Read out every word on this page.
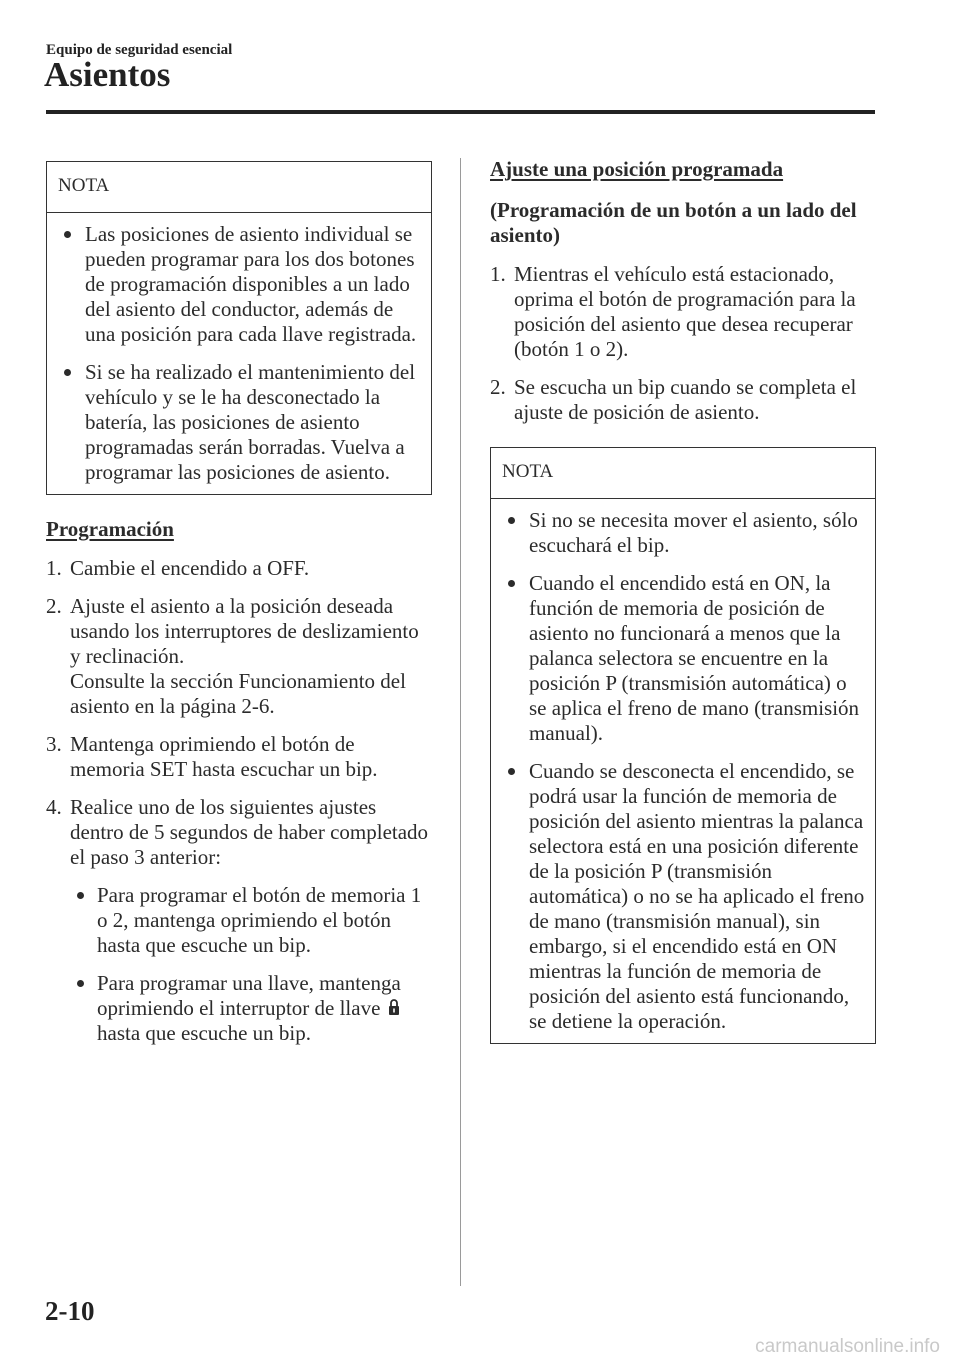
Equipo de seguridad esencial
Asientos
NOTA
Las posiciones de asiento individual se pueden programar para los dos botones de programación disponibles a un lado del asiento del conductor, además de una posición para cada llave registrada.
Si se ha realizado el mantenimiento del vehículo y se le ha desconectado la batería, las posiciones de asiento programadas serán borradas. Vuelva a programar las posiciones de asiento.
Programación
1. Cambie el encendido a OFF.
2. Ajuste el asiento a la posición deseada usando los interruptores de deslizamiento y reclinación.
Consulte la sección Funcionamiento del asiento en la página 2-6.
3. Mantenga oprimiendo el botón de memoria SET hasta escuchar un bip.
4. Realice uno de los siguientes ajustes dentro de 5 segundos de haber completado el paso 3 anterior:
Para programar el botón de memoria 1 o 2, mantenga oprimiendo el botón hasta que escuche un bip.
Para programar una llave, mantenga oprimiendo el interruptor de llave  hasta que escuche un bip.
Ajuste una posición programada
(Programación de un botón a un lado del asiento)
1. Mientras el vehículo está estacionado, oprima el botón de programación para la posición del asiento que desea recuperar (botón 1 o 2).
2. Se escucha un bip cuando se completa el ajuste de posición de asiento.
NOTA
Si no se necesita mover el asiento, sólo escuchará el bip.
Cuando el encendido está en ON, la función de memoria de posición de asiento no funcionará a menos que la palanca selectora se encuentre en la posición P (transmisión automática) o se aplica el freno de mano (transmisión manual).
Cuando se desconecta el encendido, se podrá usar la función de memoria de posición del asiento mientras la palanca selectora está en una posición diferente de la posición P (transmisión automática) o no se ha aplicado el freno de mano (transmisión manual), sin embargo, si el encendido está en ON mientras la función de memoria de posición del asiento está funcionando, se detiene la operación.
2-10
carmanualsonline.info
